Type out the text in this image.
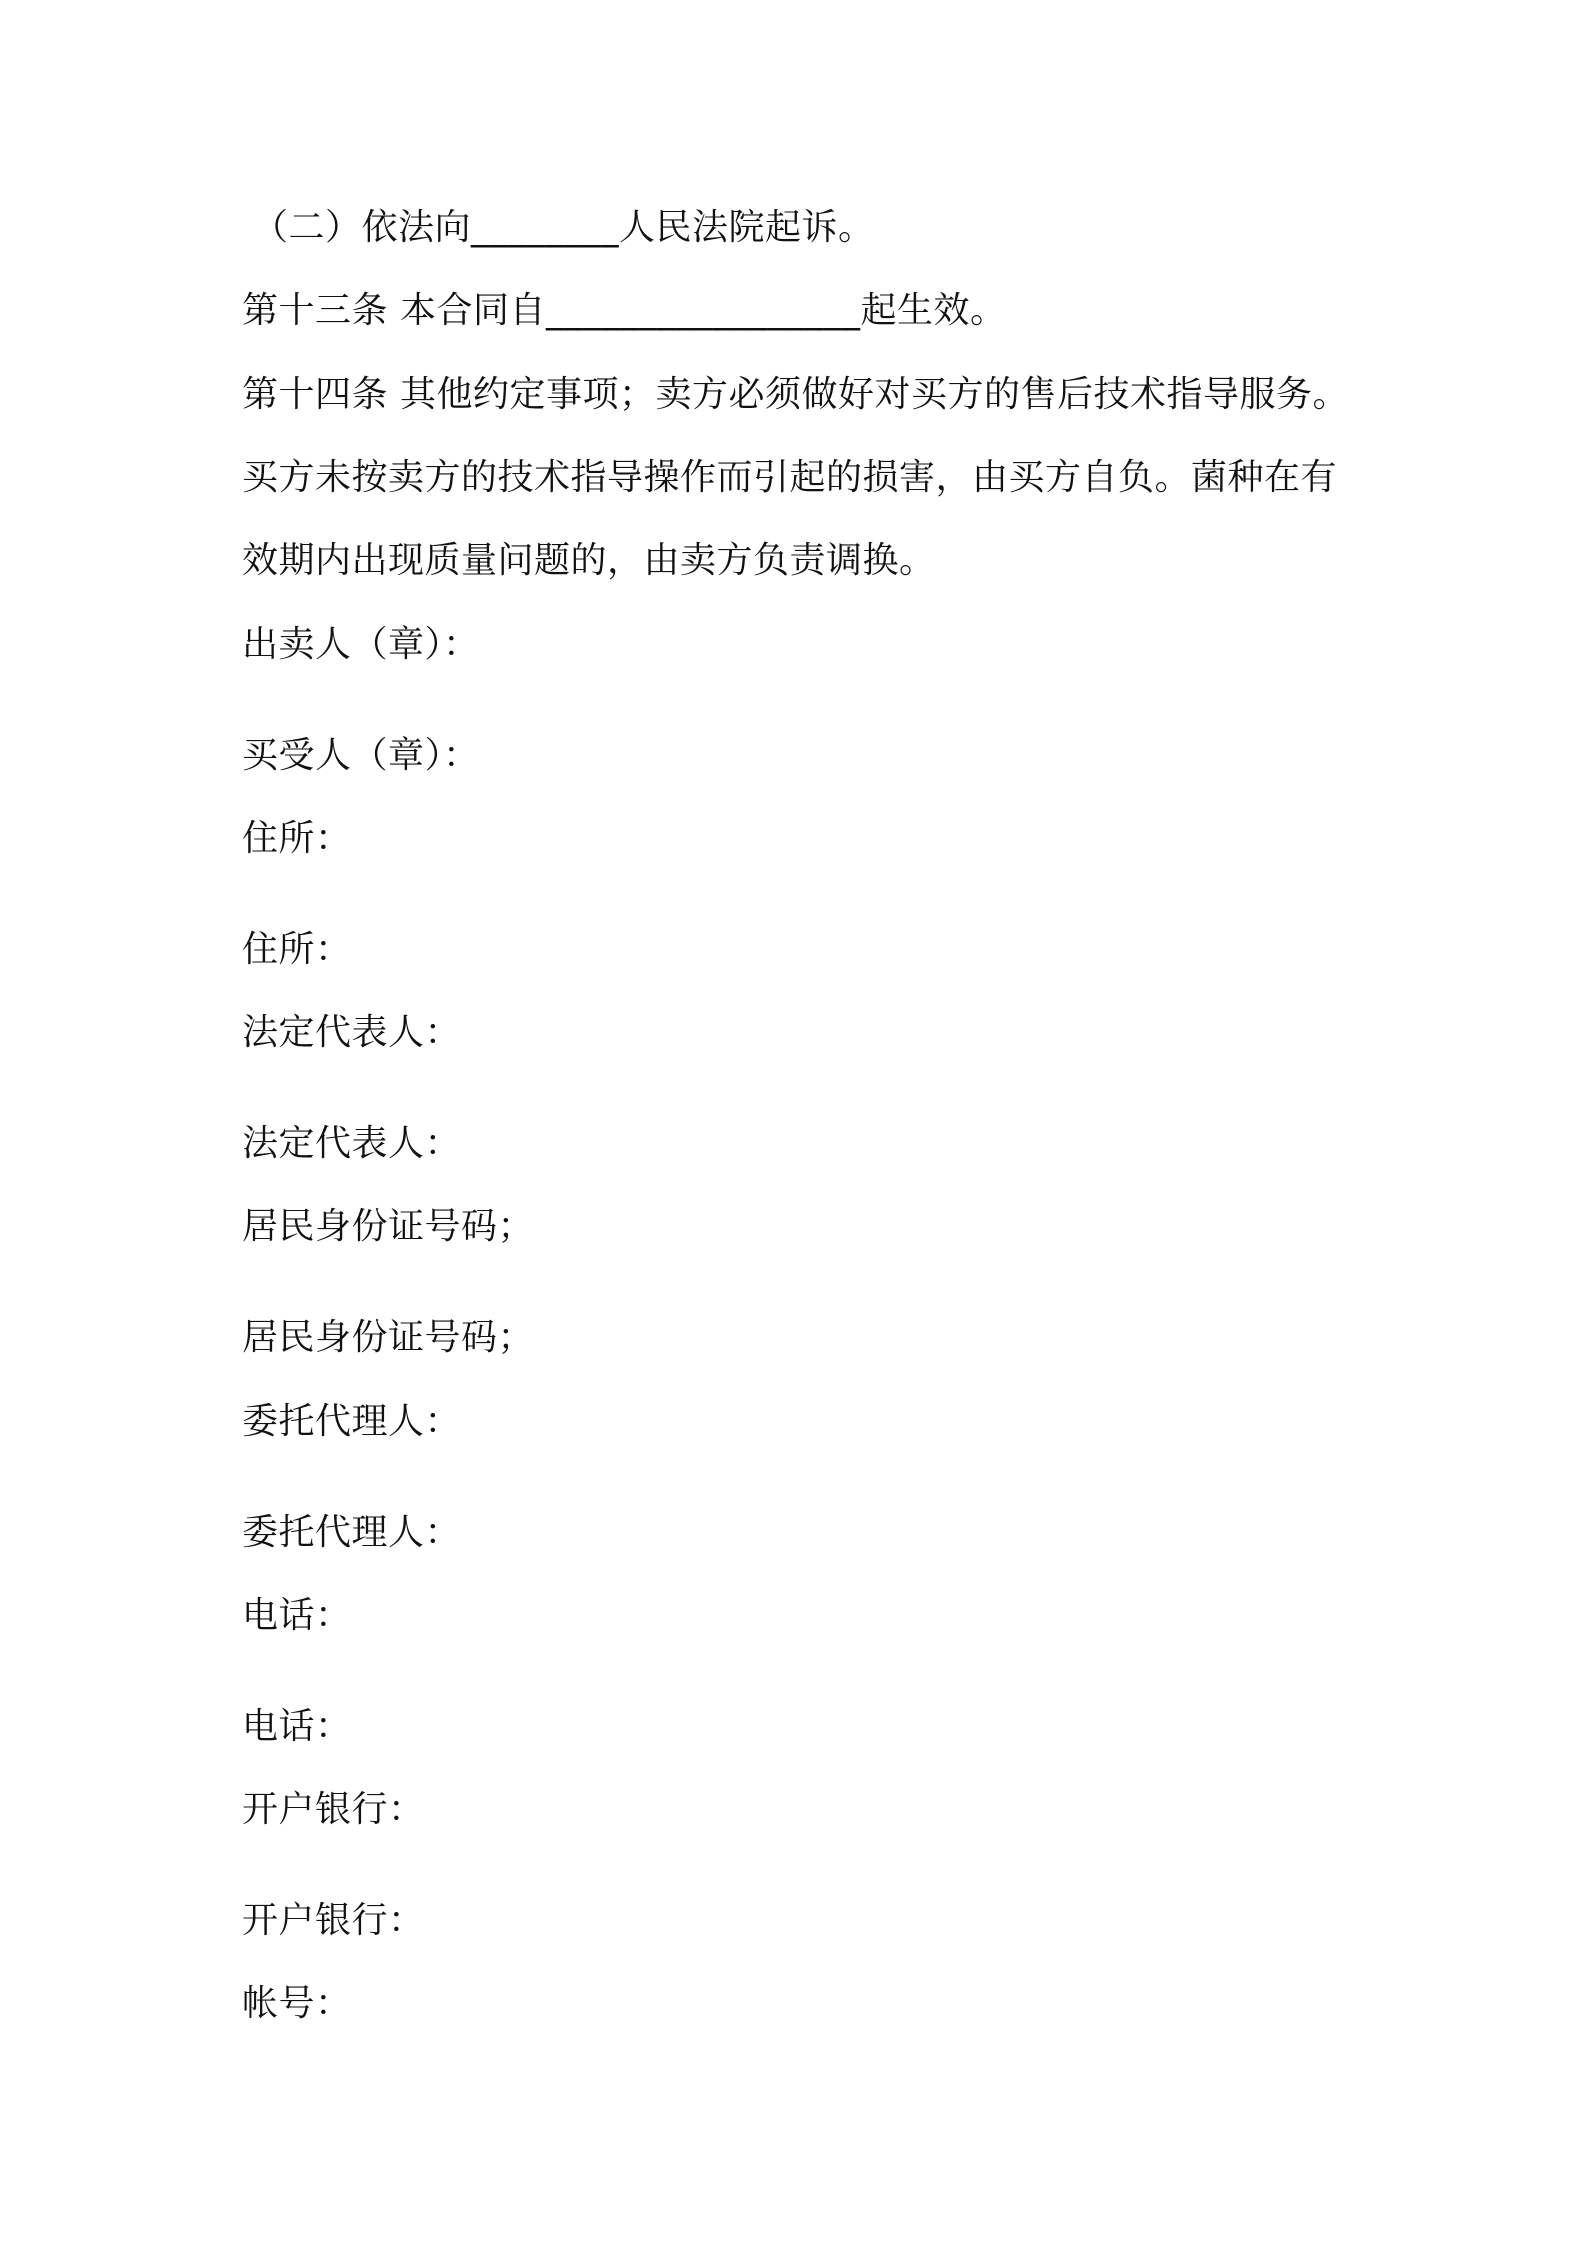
（二）依法向________人民法院起诉。
第十三条 本合同自_________________起生效。
第十四条 其他约定事项；卖方必须做好对买方的售后技术指导服务。
买方未按卖方的技术指导操作而引起的损害，由买方自负。菌种在有
效期内出现质量问题的，由卖方负责调换。
出卖人（章）：
买受人（章）：
住所：
住所：
法定代表人：
法定代表人：
居民身份证号码；
居民身份证号码；
委托代理人：
委托代理人：
电话：
电话：
开户银行：
开户银行：
帐号：
